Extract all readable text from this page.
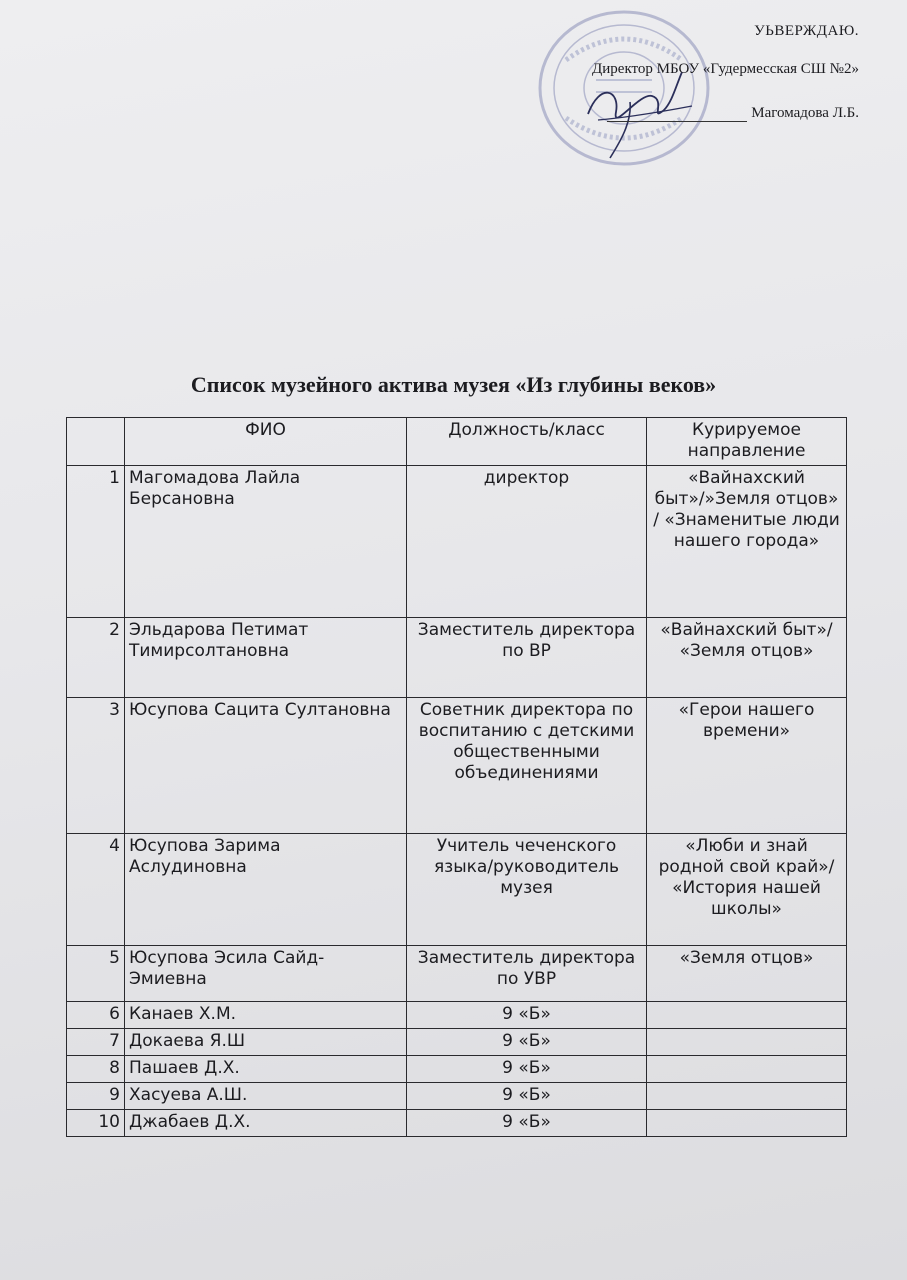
УЬВЕРЖДАЮ.
Директор МБОУ «Гудермесская СШ №2»
Магомадова Л.Б.
Список музейного актива музея «Из глубины веков»
	ФИО	Должность/класс	Курируемое направление
1	Магомадова Лайла Берсановна	директор	«Вайнахский быт»/»Земля отцов» / «Знаменитые люди нашего города»
2	Эльдарова Петимат Тимирсолтановна	Заместитель директора по ВР	«Вайнахский быт»/ «Земля отцов»
3	Юсупова Сацита Султановна	Советник директора по воспитанию с детскими общественными объединениями	«Герои нашего времени»
4	Юсупова Зарима Аслудиновна	Учитель чеченского языка/руководитель музея	«Люби и знай родной свой край»/ «История нашей школы»
5	Юсупова Эсила Сайд-Эмиевна	Заместитель директора по УВР	«Земля отцов»
6	Канаев Х.М.	9 «Б»	
7	Докаева Я.Ш	9 «Б»	
8	Пашаев Д.Х.	9 «Б»	
9	Хасуева А.Ш.	9 «Б»	
10	Джабаев Д.Х.	9 «Б»	
